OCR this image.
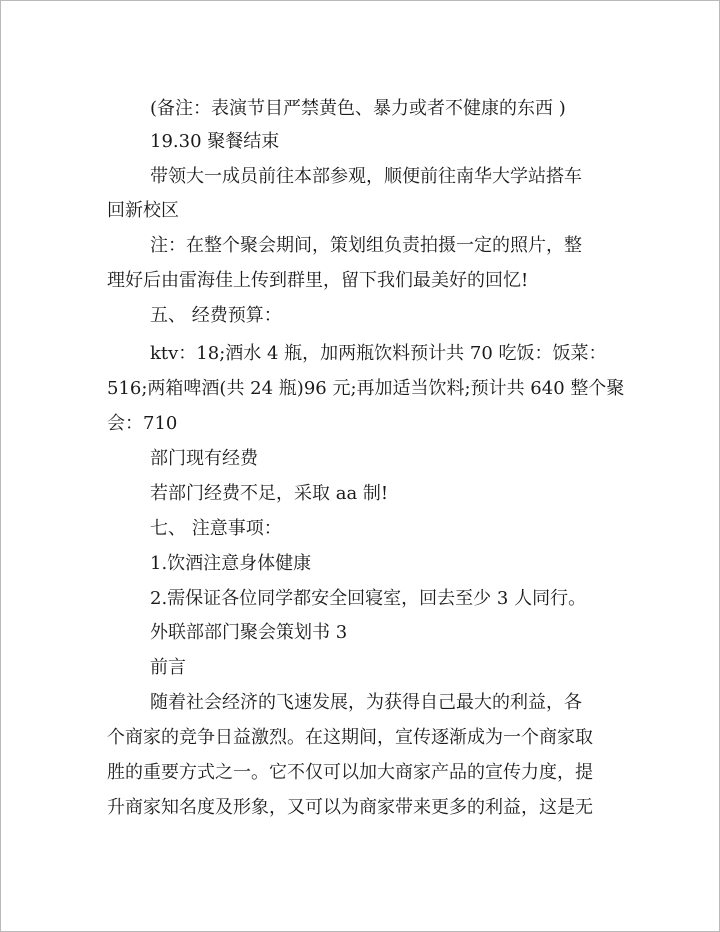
(备注：表演节目严禁黄色、暴力或者不健康的东西 )
19.30 聚餐结束
带领大一成员前往本部参观，顺便前往南华大学站搭车
回新校区
注：在整个聚会期间，策划组负责拍摄一定的照片，整
理好后由雷海佳上传到群里，留下我们最美好的回忆!
五、 经费预算：
ktv：18;酒水 4 瓶，加两瓶饮料预计共 70 吃饭：饭菜：
516;两箱啤酒(共 24 瓶)96 元;再加适当饮料;预计共 640 整个聚
会：710
部门现有经费
若部门经费不足，采取 aa 制!
七、 注意事项：
1.饮酒注意身体健康
2.需保证各位同学都安全回寝室，回去至少 3 人同行。
外联部部门聚会策划书 3
前言
随着社会经济的飞速发展，为获得自己最大的利益，各
个商家的竞争日益激烈。在这期间，宣传逐渐成为一个商家取
胜的重要方式之一。它不仅可以加大商家产品的宣传力度，提
升商家知名度及形象，又可以为商家带来更多的利益，这是无
